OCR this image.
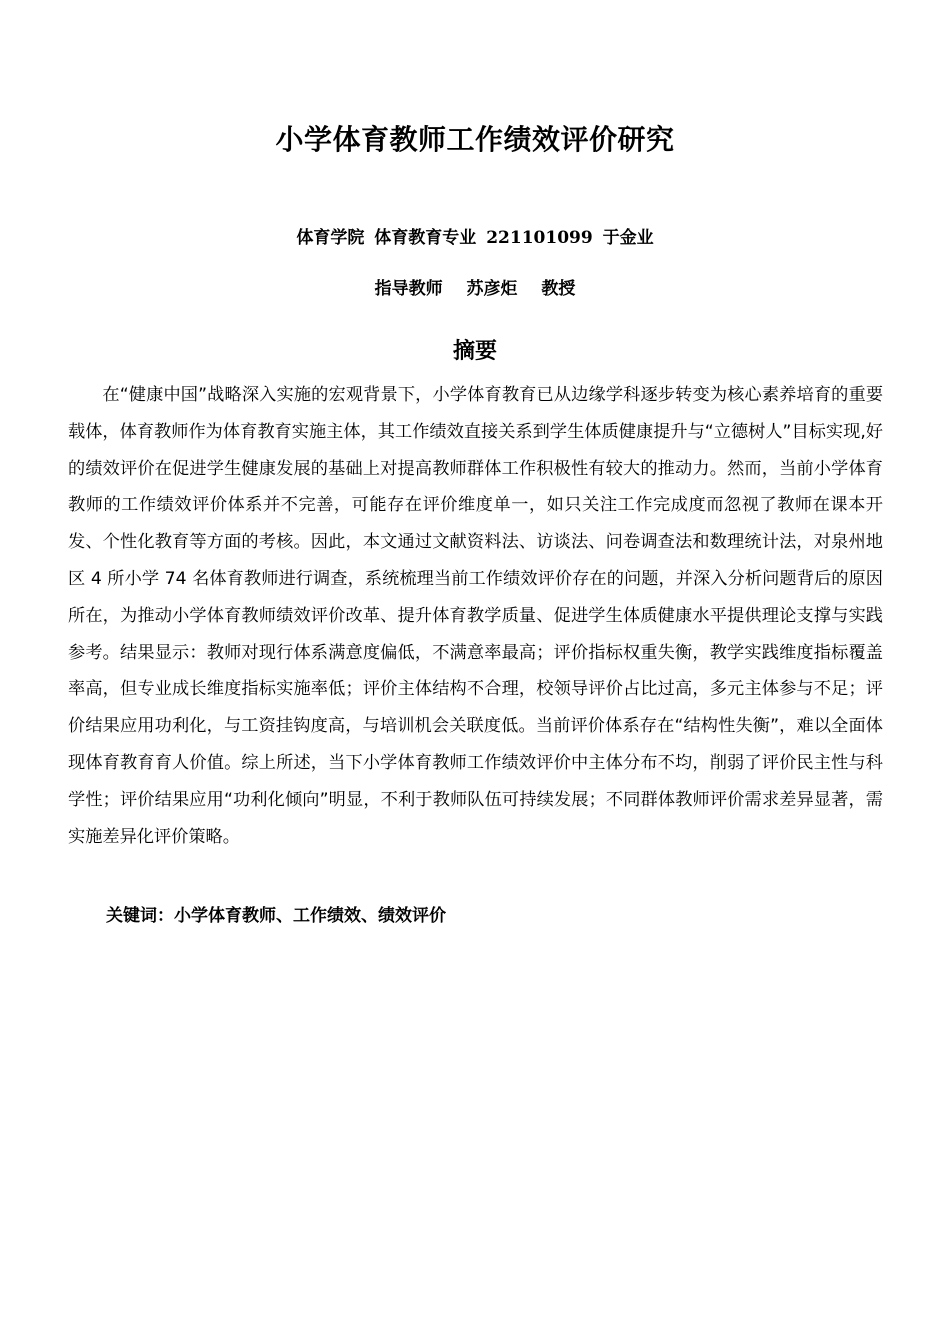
小学体育教师工作绩效评价研究
体育学院 体育教育专业 221101099 于金业
指导教师 苏彦炬 教授
摘要

在“健康中国”战略深入实施的宏观背景下，小学体育教育已从边缘学科逐步转变为核心素养培育的重要载体，体育教师作为体育教育实施主体，其工作绩效直接关系到学生体质健康提升与“立德树人”目标实现,好的绩效评价在促进学生健康发展的基础上对提高教师群体工作积极性有较大的推动力。然而，当前小学体育教师的工作绩效评价体系并不完善，可能存在评价维度单一，如只关注工作完成度而忽视了教师在课本开发、个性化教育等方面的考核。因此，本文通过文献资料法、访谈法、问卷调查法和数理统计法，对泉州地区 4 所小学 74 名体育教师进行调查，系统梳理当前工作绩效评价存在的问题，并深入分析问题背后的原因所在，为推动小学体育教师绩效评价改革、提升体育教学质量、促进学生体质健康水平提供理论支撑与实践参考。结果显示：教师对现行体系满意度偏低，不满意率最高；评价指标权重失衡，教学实践维度指标覆盖率高，但专业成长维度指标实施率低；评价主体结构不合理，校领导评价占比过高，多元主体参与不足；评价结果应用功利化，与工资挂钩度高，与培训机会关联度低。当前评价体系存在“结构性失衡”，难以全面体现体育教育育人价值。综上所述，当下小学体育教师工作绩效评价中主体分布不均，削弱了评价民主性与科学性；评价结果应用“功利化倾向”明显，不利于教师队伍可持续发展；不同群体教师评价需求差异显著，需实施差异化评价策略。

关键词：小学体育教师、工作绩效、绩效评价
